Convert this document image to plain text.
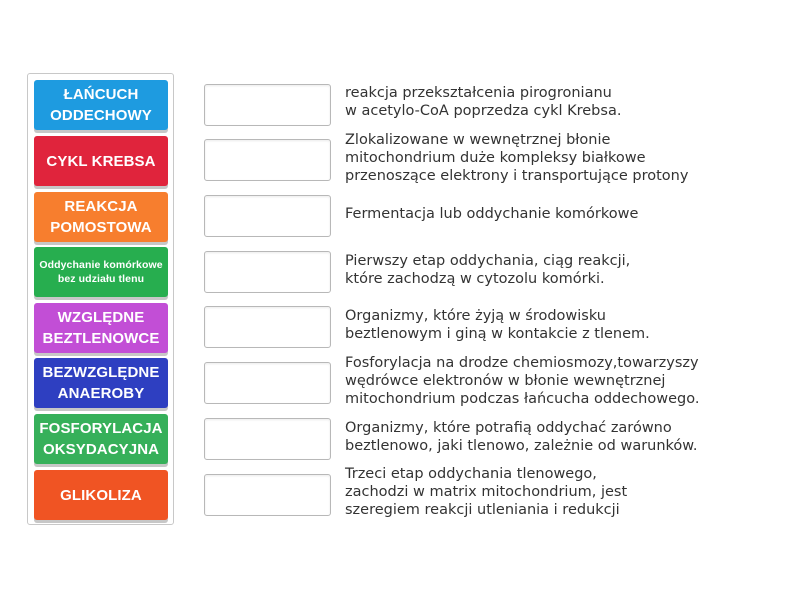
ŁAŃCUCH ODDECHOWY
CYKL KREBSA
REAKCJA POMOSTOWA
Oddychanie komórkowe bez udziału tlenu
WZGLĘDNE BEZTLENOWCE
BEZWZGLĘDNE ANAEROBY
FOSFORYLACJA OKSYDACYJNA
GLIKOLIZA
reakcja przekształcenia pirogronianu
w acetylo-CoA poprzedza cykl Krebsa.
Zlokalizowane w wewnętrznej błonie
mitochondrium duże kompleksy białkowe
przenoszące elektrony i transportujące protony
Fermentacja lub oddychanie komórkowe
Pierwszy etap oddychania, ciąg reakcji,
które zachodzą w cytozolu komórki.
Organizmy, które żyją w środowisku
beztlenowym i giną w kontakcie z tlenem.
Fosforylacja na drodze chemiosmozy,towarzyszy
wędrówce elektronów w błonie wewnętrznej
mitochondrium podczas łańcucha oddechowego.
Organizmy, które potrafią oddychać zarówno
beztlenowo, jaki tlenowo, zależnie od warunków.
Trzeci etap oddychania tlenowego,
zachodzi w matrix mitochondrium, jest
szeregiem reakcji utleniania i redukcji
